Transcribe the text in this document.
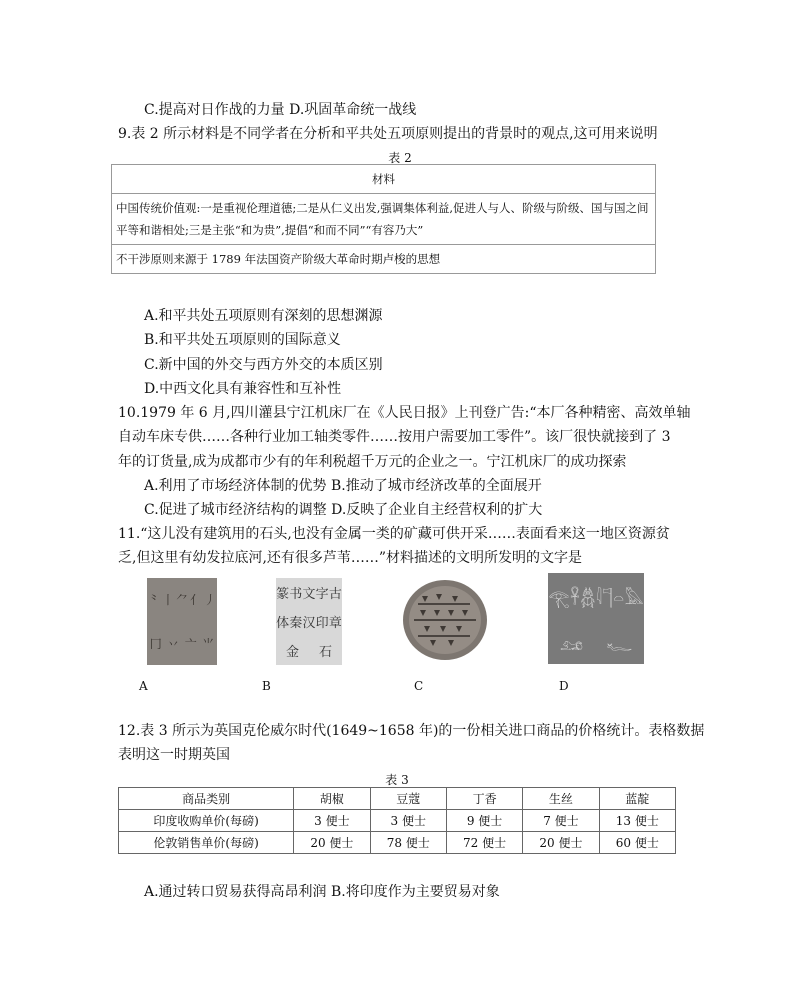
C.提高对日作战的力量 D.巩固革命统一战线
9.表 2 所示材料是不同学者在分析和平共处五项原则提出的背景时的观点,这可用来说明
表 2
材料
中国传统价值观:一是重视伦理道德;二是从仁义出发,强调集体利益,促进人与人、阶级与阶级、国与国之间平等和谐相处;三是主张“和为贵”,提倡“和而不同”“有容乃大”
不干涉原则来源于 1789 年法国资产阶级大革命时期卢梭的思想
A.和平共处五项原则有深刻的思想渊源
B.和平共处五项原则的国际意义
C.新中国的外交与西方外交的本质区别
D.中西文化具有兼容性和互补性
10.1979 年 6 月,四川灌县宁江机床厂在《人民日报》上刊登广告:“本厂各种精密、高效单轴
自动车床专供……各种行业加工轴类零件……按用户需要加工零件”。该厂很快就接到了 3
年的订货量,成为成都市少有的年利税超千万元的企业之一。宁江机床厂的成功探索
A.利用了市场经济体制的优势 B.推动了城市经济改革的全面展开
C.促进了城市经济结构的调整 D.反映了企业自主经营权利的扩大
11.“这儿没有建筑用的石头,也没有金属一类的矿藏可供开采……表面看来这一地区资源贫
乏,但这里有幼发拉底河,还有很多芦苇……”材料描述的文明所发明的文字是
⺀ 丨 ⺈ 亻 丿
冂 丷 亠 ⺌
A
篆 书 文 字 古
体 秦 汉 印 章
金 石
B	C
𓂀 𓋹 𓆣 𓇋 𓊹 𓏏 𓅓
𓃭 𓆑
D
12.表 3 所示为英国克伦威尔时代(1649~1658 年)的一份相关进口商品的价格统计。表格数据
表明这一时期英国
表 3
商品类别	胡椒	豆蔻	丁香	生丝	蓝靛
印度收购单价(每磅)	3 便士	3 便士	9 便士	7 便士	13 便士
伦敦销售单价(每磅)	20 便士	78 便士	72 便士	20 便士	60 便士
A.通过转口贸易获得高昂利润 B.将印度作为主要贸易对象
